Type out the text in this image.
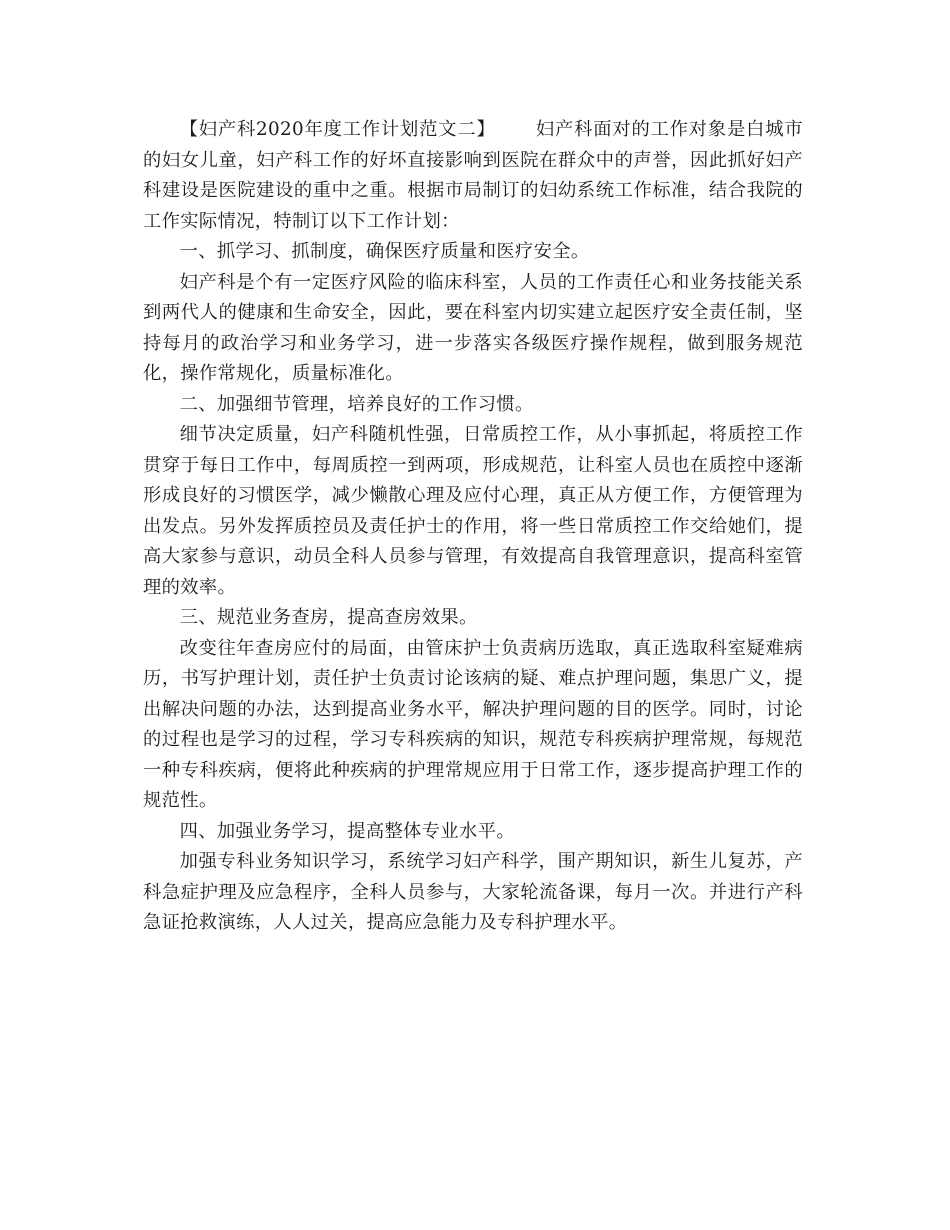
【妇产科2020年度工作计划范文二】 妇产科面对的工作对象是白城市的妇女儿童，妇产科工作的好坏直接影响到医院在群众中的声誉，因此抓好妇产科建设是医院建设的重中之重。根据市局制订的妇幼系统工作标准，结合我院的工作实际情况，特制订以下工作计划：

一、抓学习、抓制度，确保医疗质量和医疗安全。

妇产科是个有一定医疗风险的临床科室，人员的工作责任心和业务技能关系到两代人的健康和生命安全，因此，要在科室内切实建立起医疗安全责任制，坚持每月的政治学习和业务学习，进一步落实各级医疗操作规程，做到服务规范化，操作常规化，质量标准化。

二、加强细节管理，培养良好的工作习惯。

细节决定质量，妇产科随机性强，日常质控工作，从小事抓起，将质控工作贯穿于每日工作中，每周质控一到两项，形成规范，让科室人员也在质控中逐渐形成良好的习惯医学，减少懒散心理及应付心理，真正从方便工作，方便管理为出发点。另外发挥质控员及责任护士的作用，将一些日常质控工作交给她们，提高大家参与意识，动员全科人员参与管理，有效提高自我管理意识，提高科室管理的效率。

三、规范业务查房，提高查房效果。

改变往年查房应付的局面，由管床护士负责病历选取，真正选取科室疑难病历，书写护理计划，责任护士负责讨论该病的疑、难点护理问题，集思广义，提出解决问题的办法，达到提高业务水平，解决护理问题的目的医学。同时，讨论的过程也是学习的过程，学习专科疾病的知识，规范专科疾病护理常规，每规范一种专科疾病，便将此种疾病的护理常规应用于日常工作，逐步提高护理工作的规范性。

四、加强业务学习，提高整体专业水平。

加强专科业务知识学习，系统学习妇产科学，围产期知识，新生儿复苏，产科急症护理及应急程序，全科人员参与，大家轮流备课，每月一次。并进行产科急证抢救演练，人人过关，提高应急能力及专科护理水平。
